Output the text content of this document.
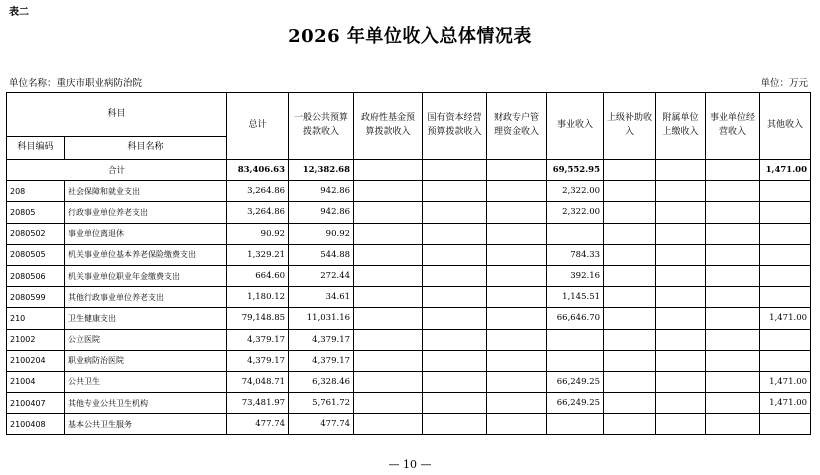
表二
2026 年单位收入总体情况表
单位名称：重庆市职业病防治院	单位：万元
科目		总计	一般公共预算拨款收入	政府性基金预算拨款收入	国有资本经营预算拨款收入	财政专户管理资金收入	事业收入	上级补助收入	附属单位上缴收入	事业单位经营收入	其他收入
科目编码	科目名称										
合计		83,406.63	12,382.68				69,552.95				1,471.00
208	社会保障和就业支出	3,264.86	942.86				2,322.00				
20805	行政事业单位养老支出	3,264.86	942.86				2,322.00				
2080502	事业单位离退休	90.92	90.92								
2080505	机关事业单位基本养老保险缴费支出	1,329.21	544.88				784.33				
2080506	机关事业单位职业年金缴费支出	664.60	272.44				392.16				
2080599	其他行政事业单位养老支出	1,180.12	34.61				1,145.51				
210	卫生健康支出	79,148.85	11,031.16				66,646.70				1,471.00
21002	公立医院	4,379.17	4,379.17								
2100204	职业病防治医院	4,379.17	4,379.17								
21004	公共卫生	74,048.71	6,328.46				66,249.25				1,471.00
2100407	其他专业公共卫生机构	73,481.97	5,761.72				66,249.25				1,471.00
2100408	基本公共卫生服务	477.74	477.74								
— 10 —
